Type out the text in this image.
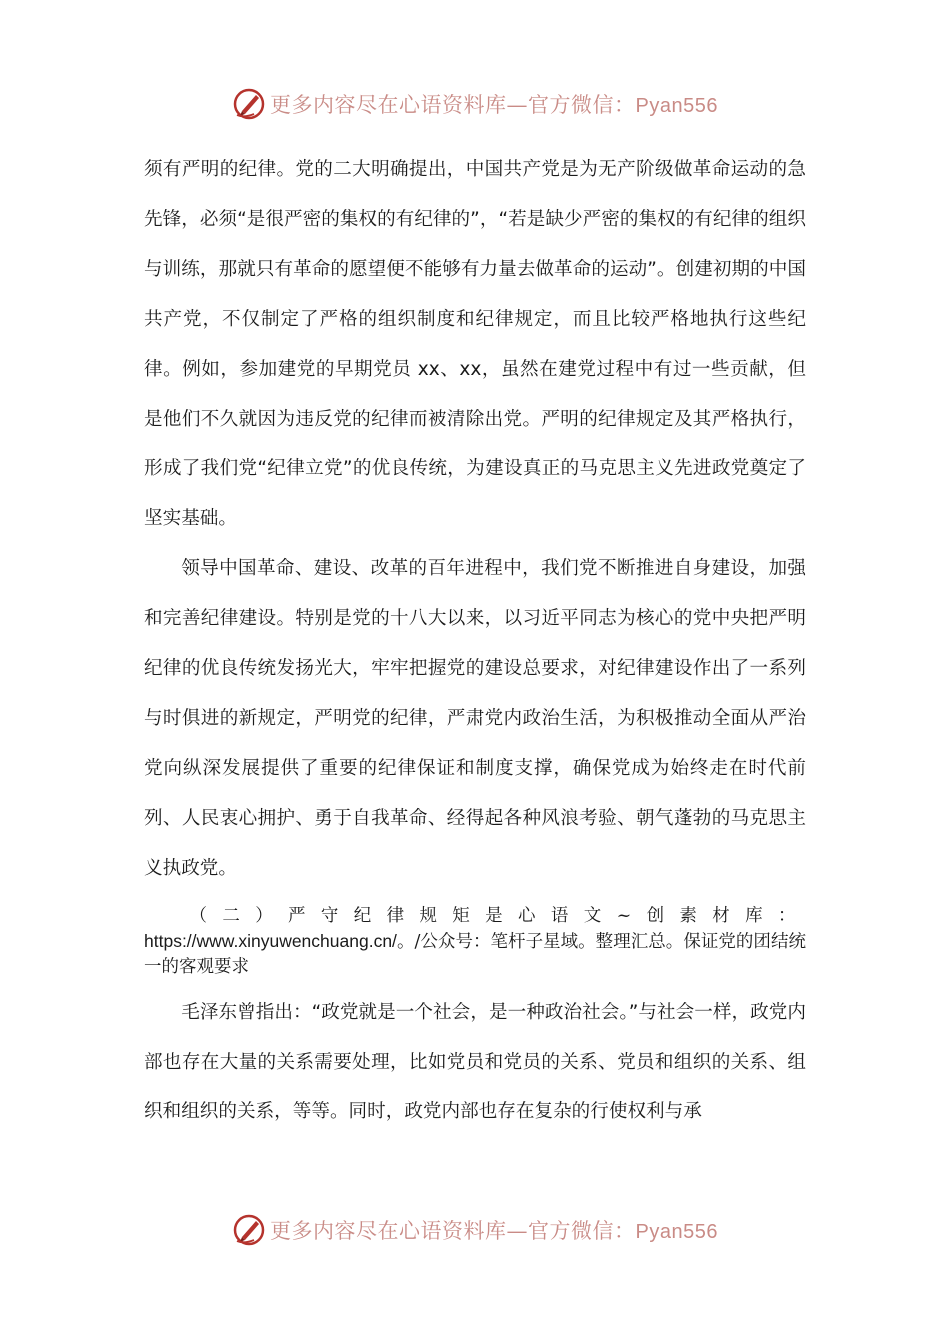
更多内容尽在心语资料库—官方微信：Pyan556

须有严明的纪律。党的二大明确提出，中国共产党是为无产阶级做革命运动的急先锋，必须“是很严密的集权的有纪律的”，“若是缺少严密的集权的有纪律的组织与训练，那就只有革命的愿望便不能够有力量去做革命的运动”。创建初期的中国共产党，不仅制定了严格的组织制度和纪律规定，而且比较严格地执行这些纪律。例如，参加建党的早期党员 xx、xx，虽然在建党过程中有过一些贡献，但是他们不久就因为违反党的纪律而被清除出党。严明的纪律规定及其严格执行，形成了我们党“纪律立党”的优良传统，为建设真正的马克思主义先进政党奠定了坚实基础。

领导中国革命、建设、改革的百年进程中，我们党不断推进自身建设，加强和完善纪律建设。特别是党的十八大以来，以习近平同志为核心的党中央把严明纪律的优良传统发扬光大，牢牢把握党的建设总要求，对纪律建设作出了一系列与时俱进的新规定，严明党的纪律，严肃党内政治生活，为积极推动全面从严治党向纵深发展提供了重要的纪律保证和制度支撑，确保党成为始终走在时代前列、人民衷心拥护、勇于自我革命、经得起各种风浪考验、朝气蓬勃的马克思主义执政党。

（二）严守纪律规矩是心语文~创素材库：https://www.xinyuwenchuang.cn/。/公众号：笔杆子星域。整理汇总。保证党的团结统一的客观要求

毛泽东曾指出：“政党就是一个社会，是一种政治社会。”与社会一样，政党内部也存在大量的关系需要处理，比如党员和党员的关系、党员和组织的关系、组织和组织的关系，等等。同时，政党内部也存在复杂的行使权利与承

更多内容尽在心语资料库—官方微信：Pyan556
